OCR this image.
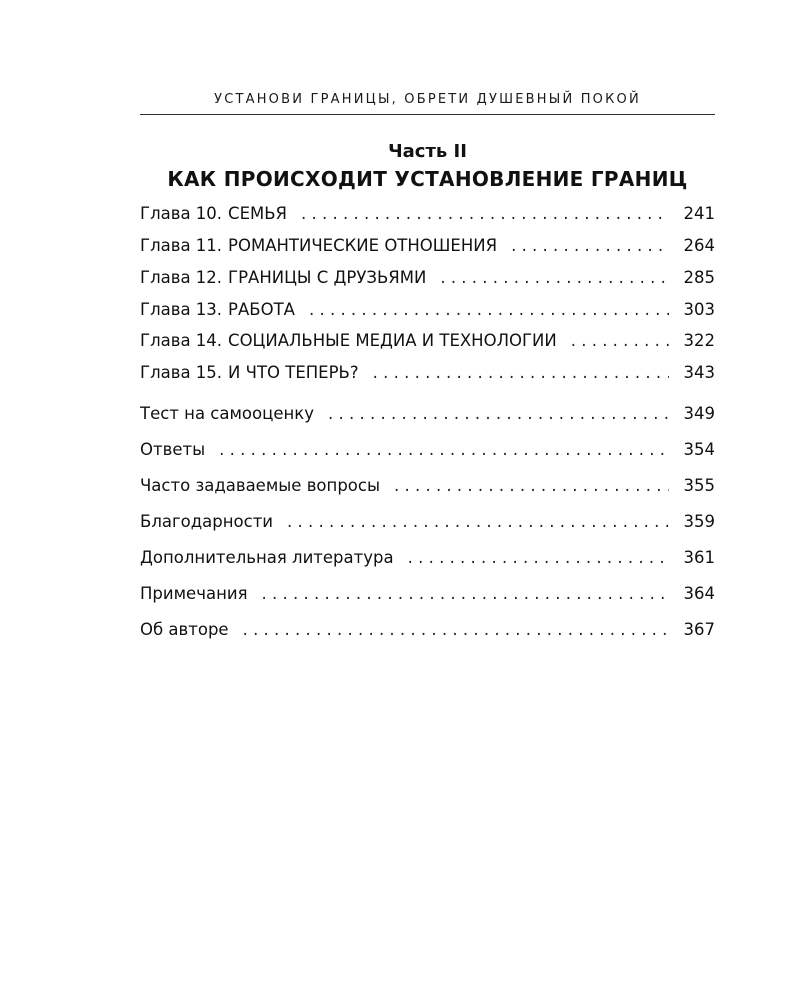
УСТАНОВИ ГРАНИЦЫ, ОБРЕТИ ДУШЕВНЫЙ ПОКОЙ
Часть II
КАК ПРОИСХОДИТ УСТАНОВЛЕНИЕ ГРАНИЦ
Глава 10. СЕМЬЯ . . .	241
Глава 11. РОМАНТИЧЕСКИЕ ОТНОШЕНИЯ . . .	264
Глава 12. ГРАНИЦЫ С ДРУЗЬЯМИ . . .	285
Глава 13. РАБОТА . . .	303
Глава 14. СОЦИАЛЬНЫЕ МЕДИА И ТЕХНОЛОГИИ . . .	322
Глава 15. И ЧТО ТЕПЕРЬ? . . .	343
Тест на самооценку . . .	349
Ответы . . .	354
Часто задаваемые вопросы . . .	355
Благодарности . . .	359
Дополнительная литература . . .	361
Примечания . . .	364
Об авторе . . .	367
